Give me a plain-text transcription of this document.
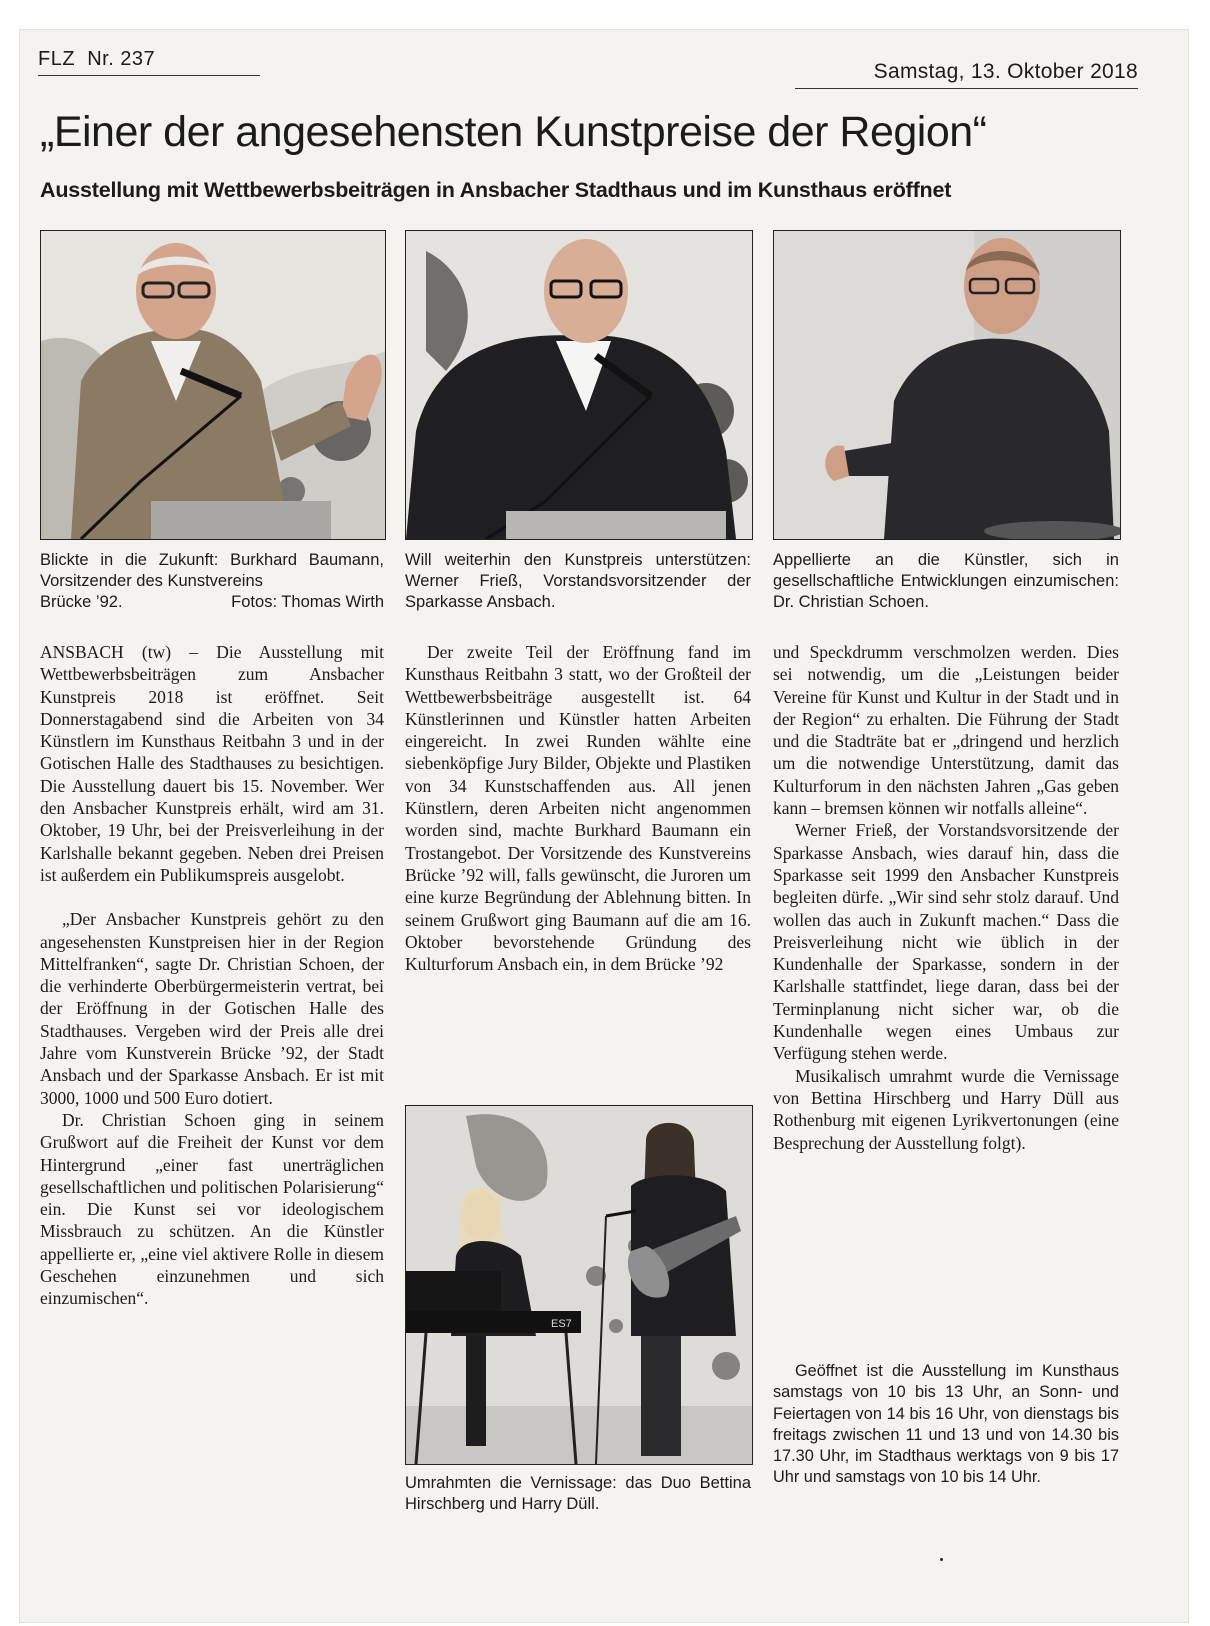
FLZ Nr. 237
Samstag, 13. Oktober 2018
„Einer der angesehensten Kunstpreise der Region“
Ausstellung mit Wettbewerbsbeiträgen in Ansbacher Stadthaus und im Kunsthaus eröffnet

Blickte in die Zukunft: Burkhard Baumann, Vorsitzender des Kunstvereins

Brücke ’92.	Fotos: Thomas Wirth
Will weiterhin den Kunstpreis unterstützen: Werner Frieß, Vorstandsvorsitzender der Sparkasse Ansbach.
Appellierte an die Künstler, sich in gesellschaftliche Entwicklungen einzumischen: Dr. Christian Schoen.

ANSBACH (tw) – Die Ausstellung mit Wettbewerbsbeiträgen zum Ansbacher Kunstpreis 2018 ist eröffnet. Seit Donnerstagabend sind die Arbeiten von 34 Künstlern im Kunsthaus Reitbahn 3 und in der Gotischen Halle des Stadthauses zu besichtigen. Die Ausstellung dauert bis 15. November. Wer den Ansbacher Kunstpreis erhält, wird am 31. Oktober, 19 Uhr, bei der Preisverleihung in der Karlshalle bekannt gegeben. Neben drei Preisen ist außerdem ein Publikumspreis ausgelobt.

„Der Ansbacher Kunstpreis gehört zu den angesehensten Kunstpreisen hier in der Region Mittelfranken“, sagte Dr. Christian Schoen, der die verhinderte Oberbürgermeisterin vertrat, bei der Eröffnung in der Gotischen Halle des Stadthauses. Vergeben wird der Preis alle drei Jahre vom Kunstverein Brücke ’92, der Stadt Ansbach und der Sparkasse Ansbach. Er ist mit 3000, 1000 und 500 Euro dotiert.

Dr. Christian Schoen ging in seinem Grußwort auf die Freiheit der Kunst vor dem Hintergrund „einer fast unerträglichen gesellschaftlichen und politischen Polarisierung“ ein. Die Kunst sei vor ideologischem Missbrauch zu schützen. An die Künstler appellierte er, „eine viel aktivere Rolle in diesem Geschehen einzunehmen und sich einzumischen“.

Der zweite Teil der Eröffnung fand im Kunsthaus Reitbahn 3 statt, wo der Großteil der Wettbewerbsbeiträge ausgestellt ist. 64 Künstlerinnen und Künstler hatten Arbeiten eingereicht. In zwei Runden wählte eine siebenköpfige Jury Bilder, Objekte und Plastiken von 34 Kunstschaffenden aus. All jenen Künstlern, deren Arbeiten nicht angenommen worden sind, machte Burkhard Baumann ein Trostangebot. Der Vorsitzende des Kunstvereins Brücke ’92 will, falls gewünscht, die Juroren um eine kurze Begründung der Ablehnung bitten. In seinem Grußwort ging Baumann auf die am 16. Oktober bevorstehende Gründung des Kulturforum Ansbach ein, in dem Brücke ’92

ES7
Umrahmten die Vernissage: das Duo Bettina Hirschberg und Harry Düll.

und Speckdrumm verschmolzen werden. Dies sei notwendig, um die „Leistungen beider Vereine für Kunst und Kultur in der Stadt und in der Region“ zu erhalten. Die Führung der Stadt und die Stadträte bat er „dringend und herzlich um die notwendige Unterstützung, damit das Kulturforum in den nächsten Jahren „Gas geben kann – bremsen können wir notfalls alleine“.

Werner Frieß, der Vorstandsvorsitzende der Sparkasse Ansbach, wies darauf hin, dass die Sparkasse seit 1999 den Ansbacher Kunstpreis begleiten dürfe. „Wir sind sehr stolz darauf. Und wollen das auch in Zukunft machen.“ Dass die Preisverleihung nicht wie üblich in der Kundenhalle der Sparkasse, sondern in der Karlshalle stattfindet, liege daran, dass bei der Terminplanung nicht sicher war, ob die Kundenhalle wegen eines Umbaus zur Verfügung stehen werde.

Musikalisch umrahmt wurde die Vernissage von Bettina Hirschberg und Harry Düll aus Rothenburg mit eigenen Lyrikvertonungen (eine Besprechung der Ausstellung folgt).

Geöffnet ist die Ausstellung im Kunsthaus samstags von 10 bis 13 Uhr, an Sonn- und Feiertagen von 14 bis 16 Uhr, von dienstags bis freitags zwischen 11 und 13 und von 14.30 bis 17.30 Uhr, im Stadthaus werktags von 9 bis 17 Uhr und samstags von 10 bis 14 Uhr.
